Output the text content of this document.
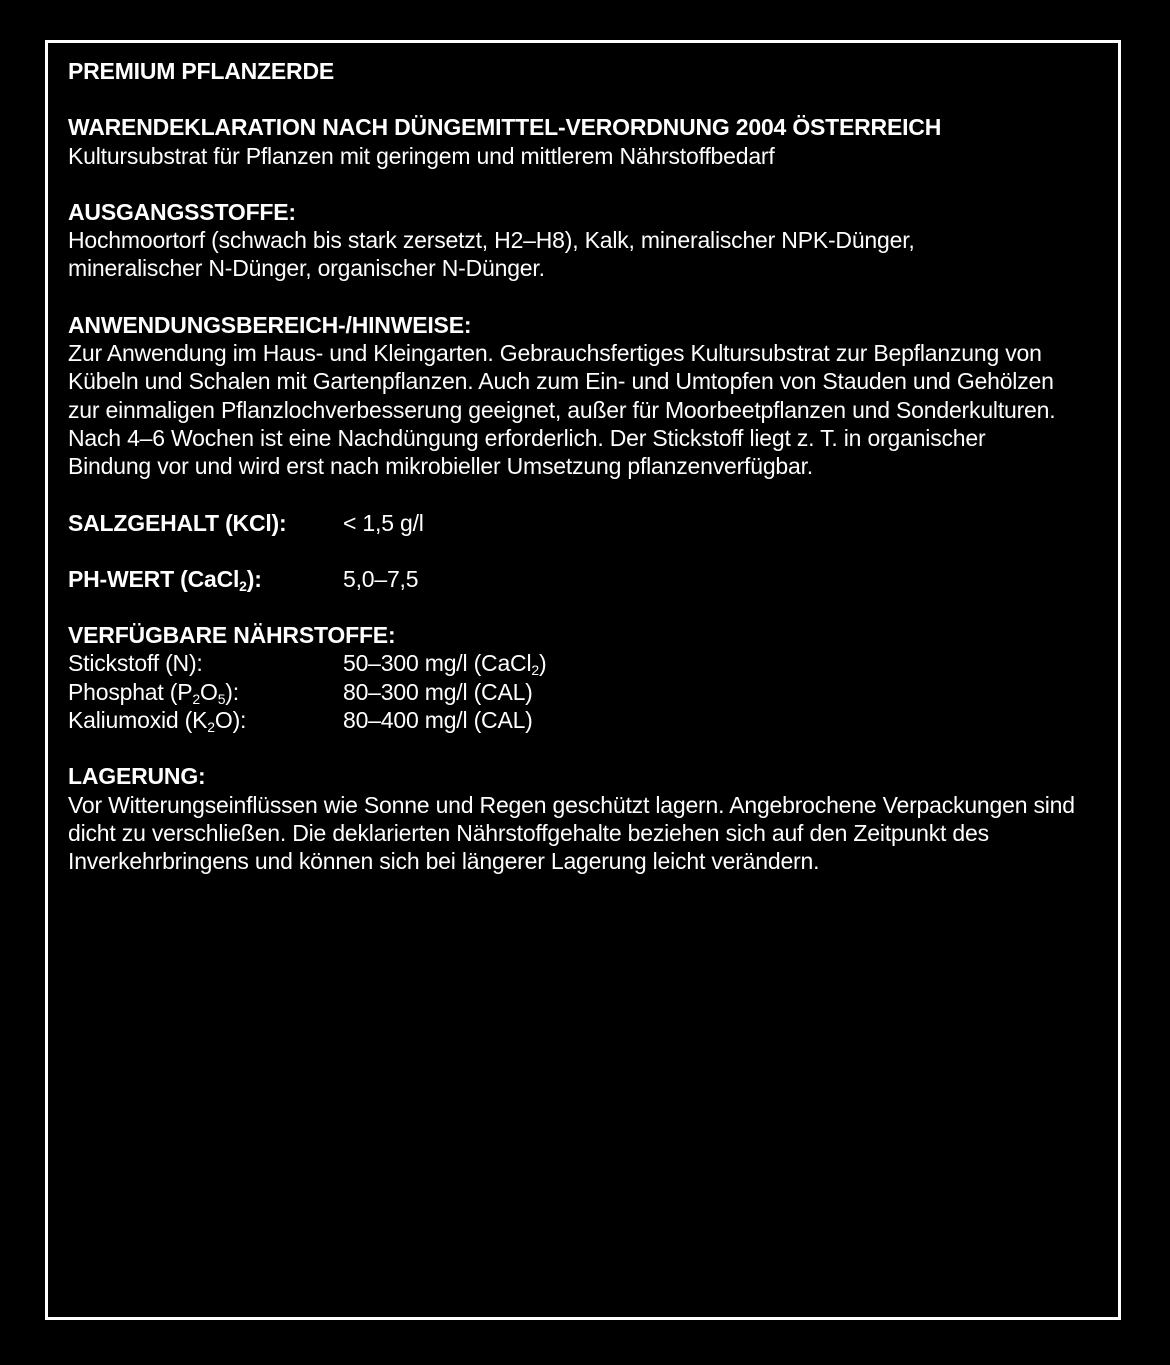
PREMIUM PFLANZERDE

WARENDEKLARATION NACH DÜNGEMITTEL-VERORDNUNG 2004 ÖSTERREICH

Kultursubstrat für Pflanzen mit geringem und mittlerem Nährstoffbedarf

AUSGANGSSTOFFE:

Hochmoortorf (schwach bis stark zersetzt, H2–H8), Kalk, mineralischer NPK-Dünger, mineralischer N-Dünger, organischer N-Dünger.

ANWENDUNGSBEREICH-/HINWEISE:

Zur Anwendung im Haus- und Kleingarten. Gebrauchsfertiges Kultursubstrat zur Bepflanzung von Kübeln und Schalen mit Gartenpflanzen. Auch zum Ein- und Umtopfen von Stauden und Gehölzen zur einmaligen Pflanzlochverbesserung geeignet, außer für Moorbeetpflanzen und Sonderkulturen. Nach 4–6 Wochen ist eine Nachdüngung erforderlich. Der Stickstoff liegt z. T. in organischer Bindung vor und wird erst nach mikrobieller Umsetzung pflanzenverfügbar.

SALZGEHALT (KCl):	< 1,5 g/l
PH-WERT (CaCl$_2$):	5,0–7,5

VERFÜGBARE NÄHRSTOFFE:

Stickstoff (N):	50–300 mg/l (CaCl$_2$)
Phosphat $(P_2O_5)$:	80–300 mg/l (CAL)
Kaliumoxid $(K_2O)$:	80–400 mg/l (CAL)

LAGERUNG:

Vor Witterungseinflüssen wie Sonne und Regen geschützt lagern. Angebrochene Verpackungen sind dicht zu verschließen. Die deklarierten Nährstoffgehalte beziehen sich auf den Zeitpunkt des Inverkehrbringens und können sich bei längerer Lagerung leicht verändern.
